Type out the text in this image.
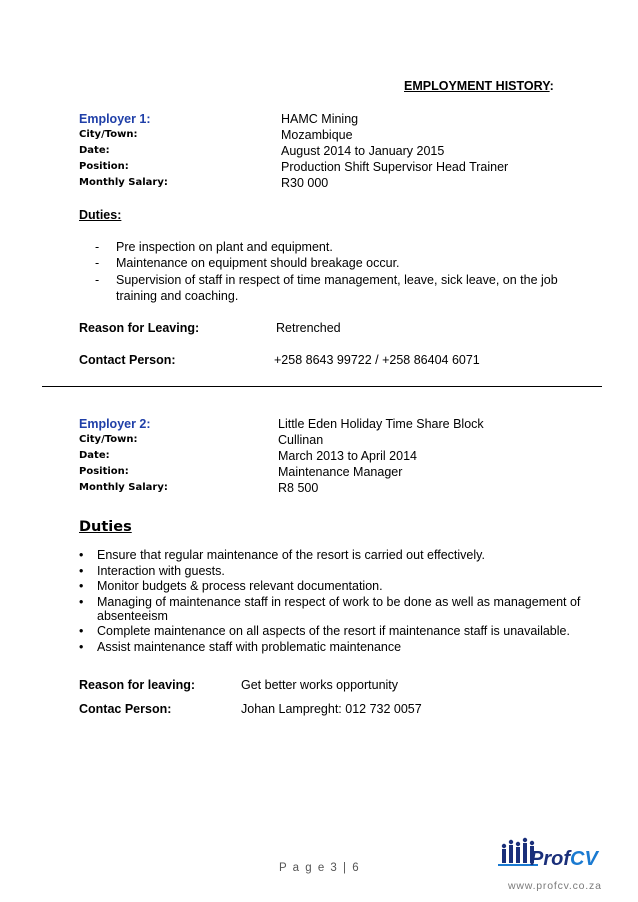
EMPLOYMENT HISTORY:
Employer 1:	HAMC Mining
City/Town:	Mozambique
Date:	August 2014 to January 2015
Position:	Production Shift Supervisor Head Trainer
Monthly Salary:	R30 000
Duties:
- Pre inspection on plant and equipment.
- Maintenance on equipment should breakage occur.
- Supervision of staff in respect of time management, leave, sick leave, on the job
training and coaching.
Reason for Leaving:	Retrenched
Contact Person:	+258 8643 99722 / +258 86404 6071
Employer 2:	Little Eden Holiday Time Share Block
City/Town:	Cullinan
Date:	March 2013 to April 2014
Position:	Maintenance Manager
Monthly Salary:	R8 500
Duties
• Ensure that regular maintenance of the resort is carried out effectively.
• Interaction with guests.
• Monitor budgets & process relevant documentation.
• Managing of maintenance staff in respect of work to be done as well as management of
absenteeism
• Complete maintenance on all aspects of the resort if maintenance staff is unavailable.
• Assist maintenance staff with problematic maintenance
Reason for leaving:	Get better works opportunity
Contac Person:	Johan Lampreght: 012 732 0057
P a g e 3 | 6	ProfCV
www.profcv.co.za
